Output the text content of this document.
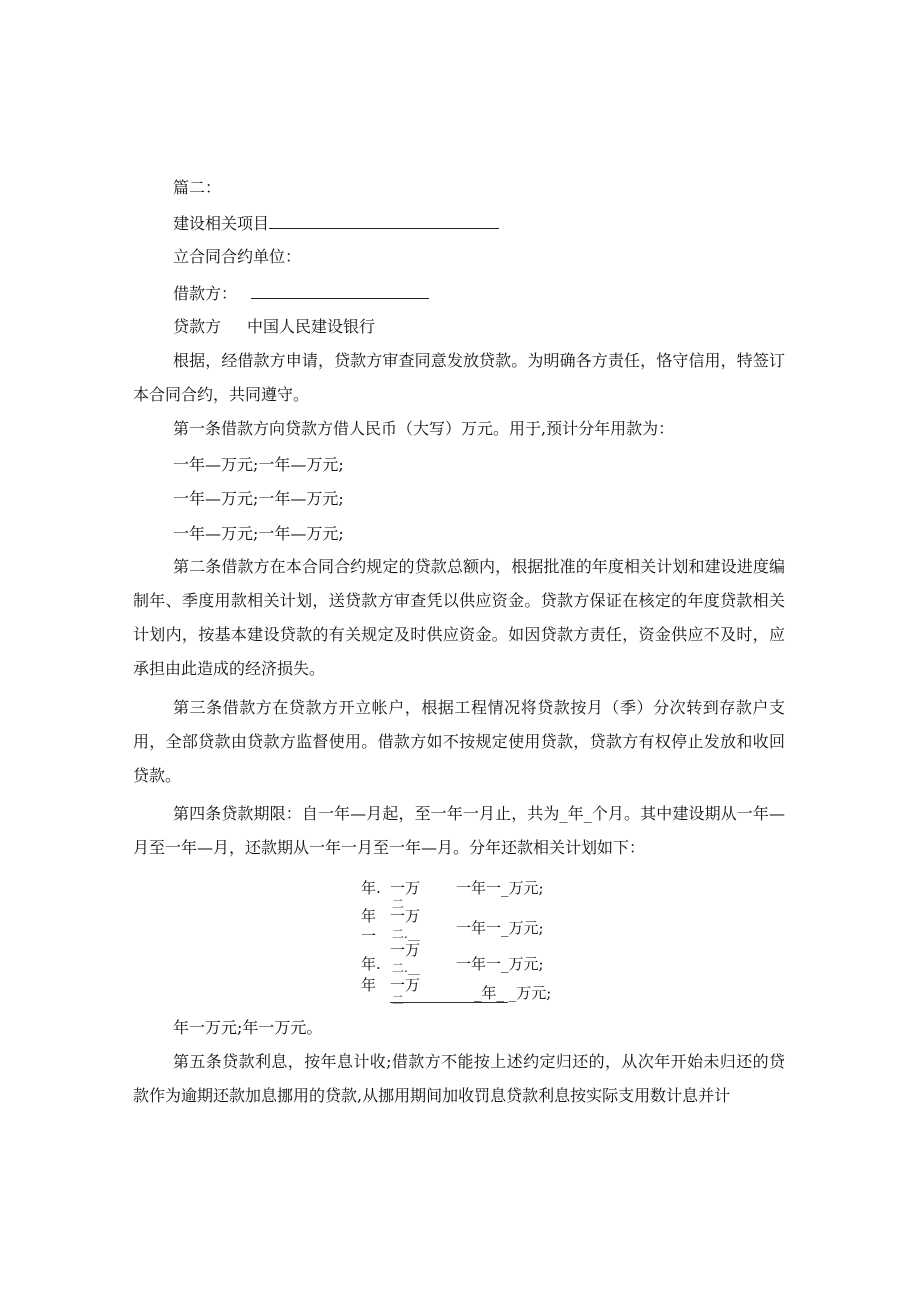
篇二：
建设相关项目
立合同合约单位：
借款方：
贷款方 中国人民建设银行

根据，经借款方申请，贷款方审查同意发放贷款。为明确各方责任，恪守信用，特签订本合同合约，共同遵守。

第一条借款方向贷款方借人民币（大写）万元。用于,预计分年用款为：

一年—万元;一年—万元;
一年—万元;一年—万元;
一年—万元;一年—万元;

第二条借款方在本合同合约规定的贷款总额内，根据批准的年度相关计划和建设进度编制年、季度用款相关计划，送贷款方审查凭以供应资金。贷款方保证在核定的年度贷款相关计划内，按基本建设贷款的有关规定及时供应资金。如因贷款方责任，资金供应不及时，应承担由此造成的经济损失。

第三条借款方在贷款方开立帐户，根据工程情况将贷款按月（季）分次转到存款户支用，全部贷款由贷款方监督使用。借款方如不按规定使用贷款，贷款方有权停止发放和收回贷款。

第四条贷款期限：自一年—月起，至一年一月止，共为_年_个月。其中建设期从一年—月至一年—月，还款期从一年一月至一年—月。分年还款相关计划如下：

年.
年
一
年.
年
一万
二
一万
二.__
一万
二.__
一万
二
一年一_万元;
一年一_万元;
一年一_万元;
_年_ _万元;
年一万元;年一万元。

第五条贷款利息，按年息计收;借款方不能按上述约定归还的，从次年开始未归还的贷款作为逾期还款加息挪用的贷款,从挪用期间加收罚息贷款利息按实际支用数计息并计
